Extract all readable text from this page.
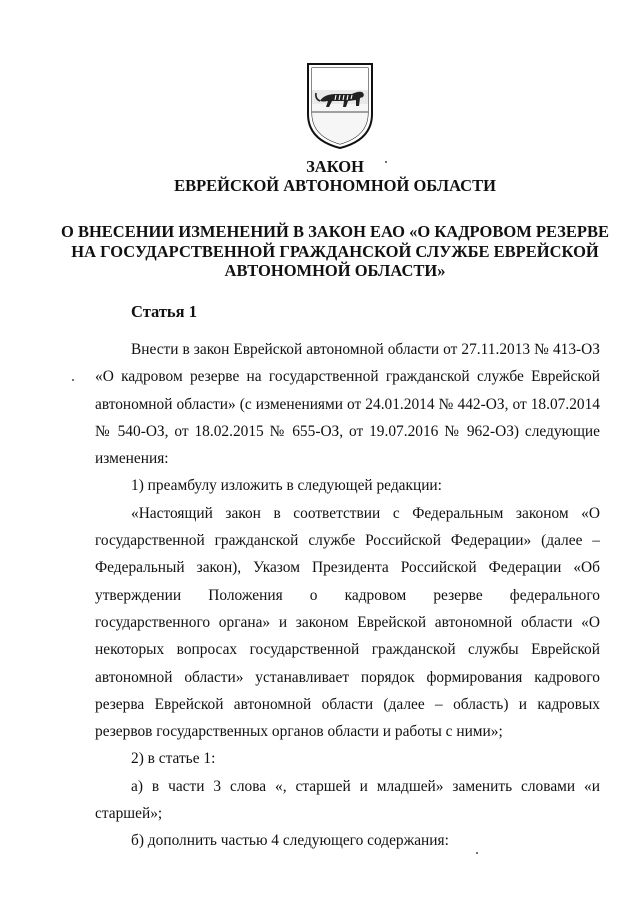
ЗАКОН
ЕВРЕЙСКОЙ АВТОНОМНОЙ ОБЛАСТИ
О ВНЕСЕНИИ ИЗМЕНЕНИЙ В ЗАКОН ЕАО «О КАДРОВОМ РЕЗЕРВЕ
НА ГОСУДАРСТВЕННОЙ ГРАЖДАНСКОЙ СЛУЖБЕ ЕВРЕЙСКОЙ
АВТОНОМНОЙ ОБЛАСТИ»
Статья 1

Внести в закон Еврейской автономной области от 27.11.2013 № 413-ОЗ «О кадровом резерве на государственной гражданской службе Еврейской автономной области» (с изменениями от 24.01.2014 № 442-ОЗ, от 18.07.2014 № 540-ОЗ, от 18.02.2015 № 655-ОЗ, от 19.07.2016 № 962-ОЗ) следующие изменения:

1) преамбулу изложить в следующей редакции:

«Настоящий закон в соответствии с Федеральным законом «О государственной гражданской службе Российской Федерации» (далее – Федеральный закон), Указом Президента Российской Федерации «Об утверждении Положения о кадровом резерве федерального государственного органа» и законом Еврейской автономной области «О некоторых вопросах государственной гражданской службы Еврейской автономной области» устанавливает порядок формирования кадрового резерва Еврейской автономной области (далее – область) и кадровых резервов государственных органов области и работы с ними»;

2) в статье 1:

а) в части 3 слова «, старшей и младшей» заменить словами «и старшей»;

б) дополнить частью 4 следующего содержания:
